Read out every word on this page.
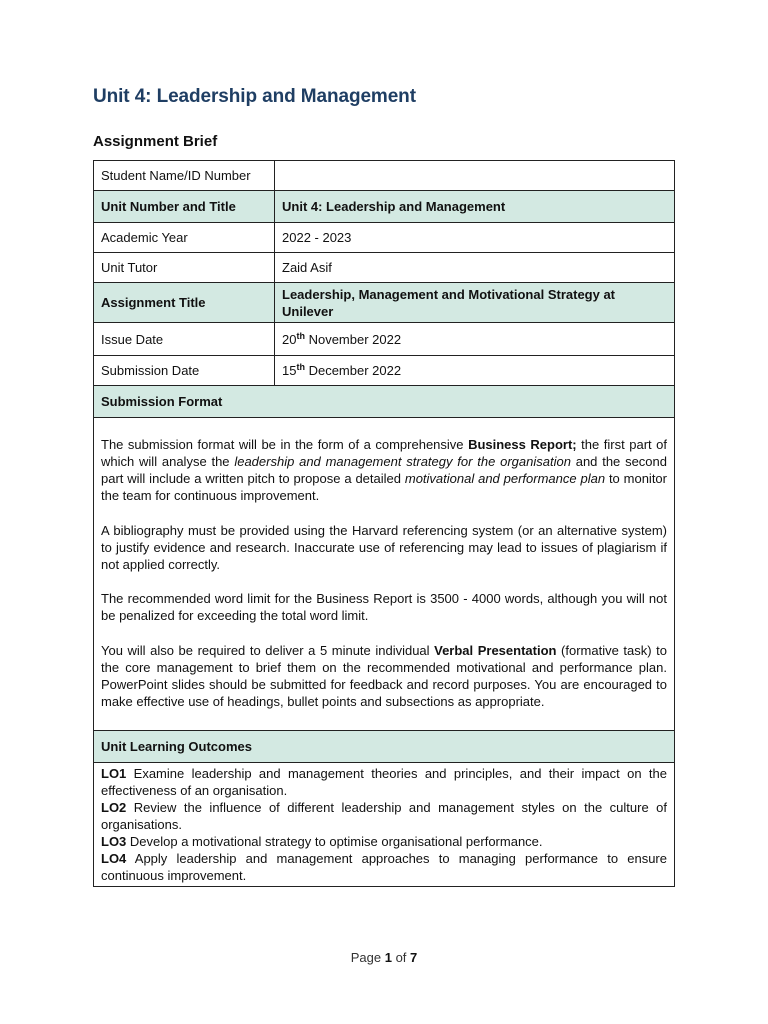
Unit 4: Leadership and Management
Assignment Brief
Student Name/ID Number	
Unit Number and Title	Unit 4: Leadership and Management
Academic Year	2022 - 2023
Unit Tutor	Zaid Asif
Assignment Title	Leadership, Management and Motivational Strategy at Unilever
Issue Date	20th November 2022
Submission Date	15th December 2022
Submission Format	

The submission format will be in the form of a comprehensive Business Report; the first part of which will analyse the leadership and management strategy for the organisation and the second part will include a written pitch to propose a detailed motivational and performance plan to monitor the team for continuous improvement.

A bibliography must be provided using the Harvard referencing system (or an alternative system) to justify evidence and research. Inaccurate use of referencing may lead to issues of plagiarism if not applied correctly.

The recommended word limit for the Business Report is 3500 - 4000 words, although you will not be penalized for exceeding the total word limit.

You will also be required to deliver a 5 minute individual Verbal Presentation (formative task) to the core management to brief them on the recommended motivational and performance plan. PowerPoint slides should be submitted for feedback and record purposes. You are encouraged to make effective use of headings, bullet points and subsections as appropriate.	

Unit Learning Outcomes	

LO1 Examine leadership and management theories and principles, and their impact on the effectiveness of an organisation.
LO2 Review the influence of different leadership and management styles on the culture of organisations.
LO3 Develop a motivational strategy to optimise organisational performance.
LO4 Apply leadership and management approaches to managing performance to ensure continuous improvement.	
Page 1 of 7
